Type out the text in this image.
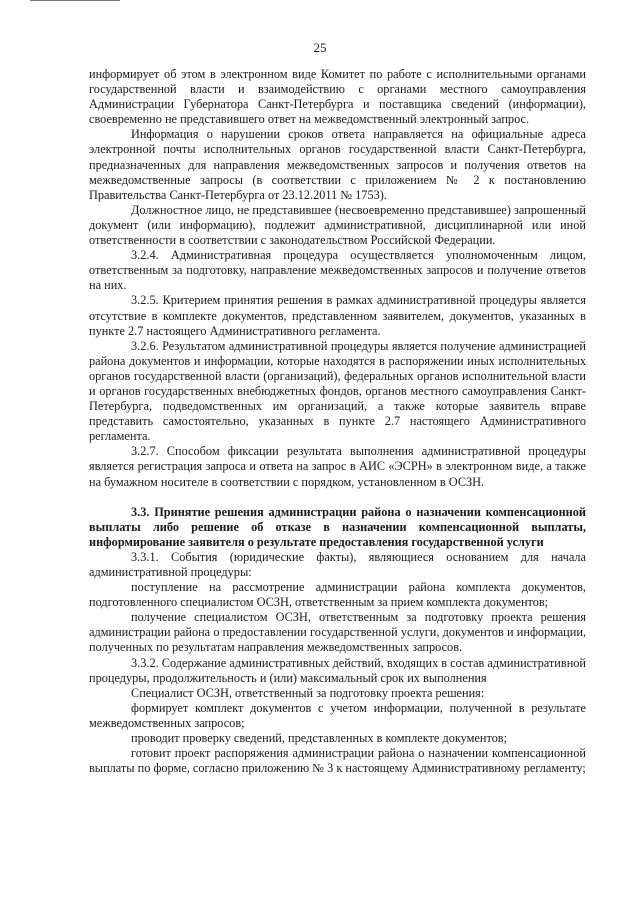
25

информирует об этом в электронном виде Комитет по работе с исполнительными органами государственной власти и взаимодействию с органами местного самоуправления Администрации Губернатора Санкт-Петербурга и поставщика сведений (информации), своевременно не представившего ответ на межведомственный электронный запрос.

Информация о нарушении сроков ответа направляется на официальные адреса электронной почты исполнительных органов государственной власти Санкт-Петербурга, предназначенных для направления межведомственных запросов и получения ответов на межведомственные запросы (в соответствии с приложением № 2 к постановлению Правительства Санкт-Петербурга от 23.12.2011 № 1753).

Должностное лицо, не представившее (несвоевременно представившее) запрошенный документ (или информацию), подлежит административной, дисциплинарной или иной ответственности в соответствии с законодательством Российской Федерации.

3.2.4. Административная процедура осуществляется уполномоченным лицом, ответственным за подготовку, направление межведомственных запросов и получение ответов на них.

3.2.5. Критерием принятия решения в рамках административной процедуры является отсутствие в комплекте документов, представленном заявителем, документов, указанных в пункте 2.7 настоящего Административного регламента.

3.2.6. Результатом административной процедуры является получение администрацией района документов и информации, которые находятся в распоряжении иных исполнительных органов государственной власти (организаций), федеральных органов исполнительной власти и органов государственных внебюджетных фондов, органов местного самоуправления Санкт-Петербурга, подведомственных им организаций, а также которые заявитель вправе представить самостоятельно, указанных в пункте 2.7 настоящего Административного регламента.

3.2.7. Способом фиксации результата выполнения административной процедуры является регистрация запроса и ответа на запрос в АИС «ЭСРН» в электронном виде, а также на бумажном носителе в соответствии с порядком, установленном в ОСЗН.

3.3. Принятие решения администрации района о назначении компенсационной выплаты либо решение об отказе в назначении компенсационной выплаты, информирование заявителя о результате предоставления государственной услуги

3.3.1. События (юридические факты), являющиеся основанием для начала административной процедуры:

поступление на рассмотрение администрации района комплекта документов, подготовленного специалистом ОСЗН, ответственным за прием комплекта документов;

получение специалистом ОСЗН, ответственным за подготовку проекта решения администрации района о предоставлении государственной услуги, документов и информации, полученных по результатам направления межведомственных запросов.

3.3.2. Содержание административных действий, входящих в состав административной процедуры, продолжительность и (или) максимальный срок их выполнения

Специалист ОСЗН, ответственный за подготовку проекта решения:

формирует комплект документов с учетом информации, полученной в результате межведомственных запросов;

проводит проверку сведений, представленных в комплекте документов;

готовит проект распоряжения администрации района о назначении компенсационной выплаты по форме, согласно приложению № 3 к настоящему Административному регламенту;
